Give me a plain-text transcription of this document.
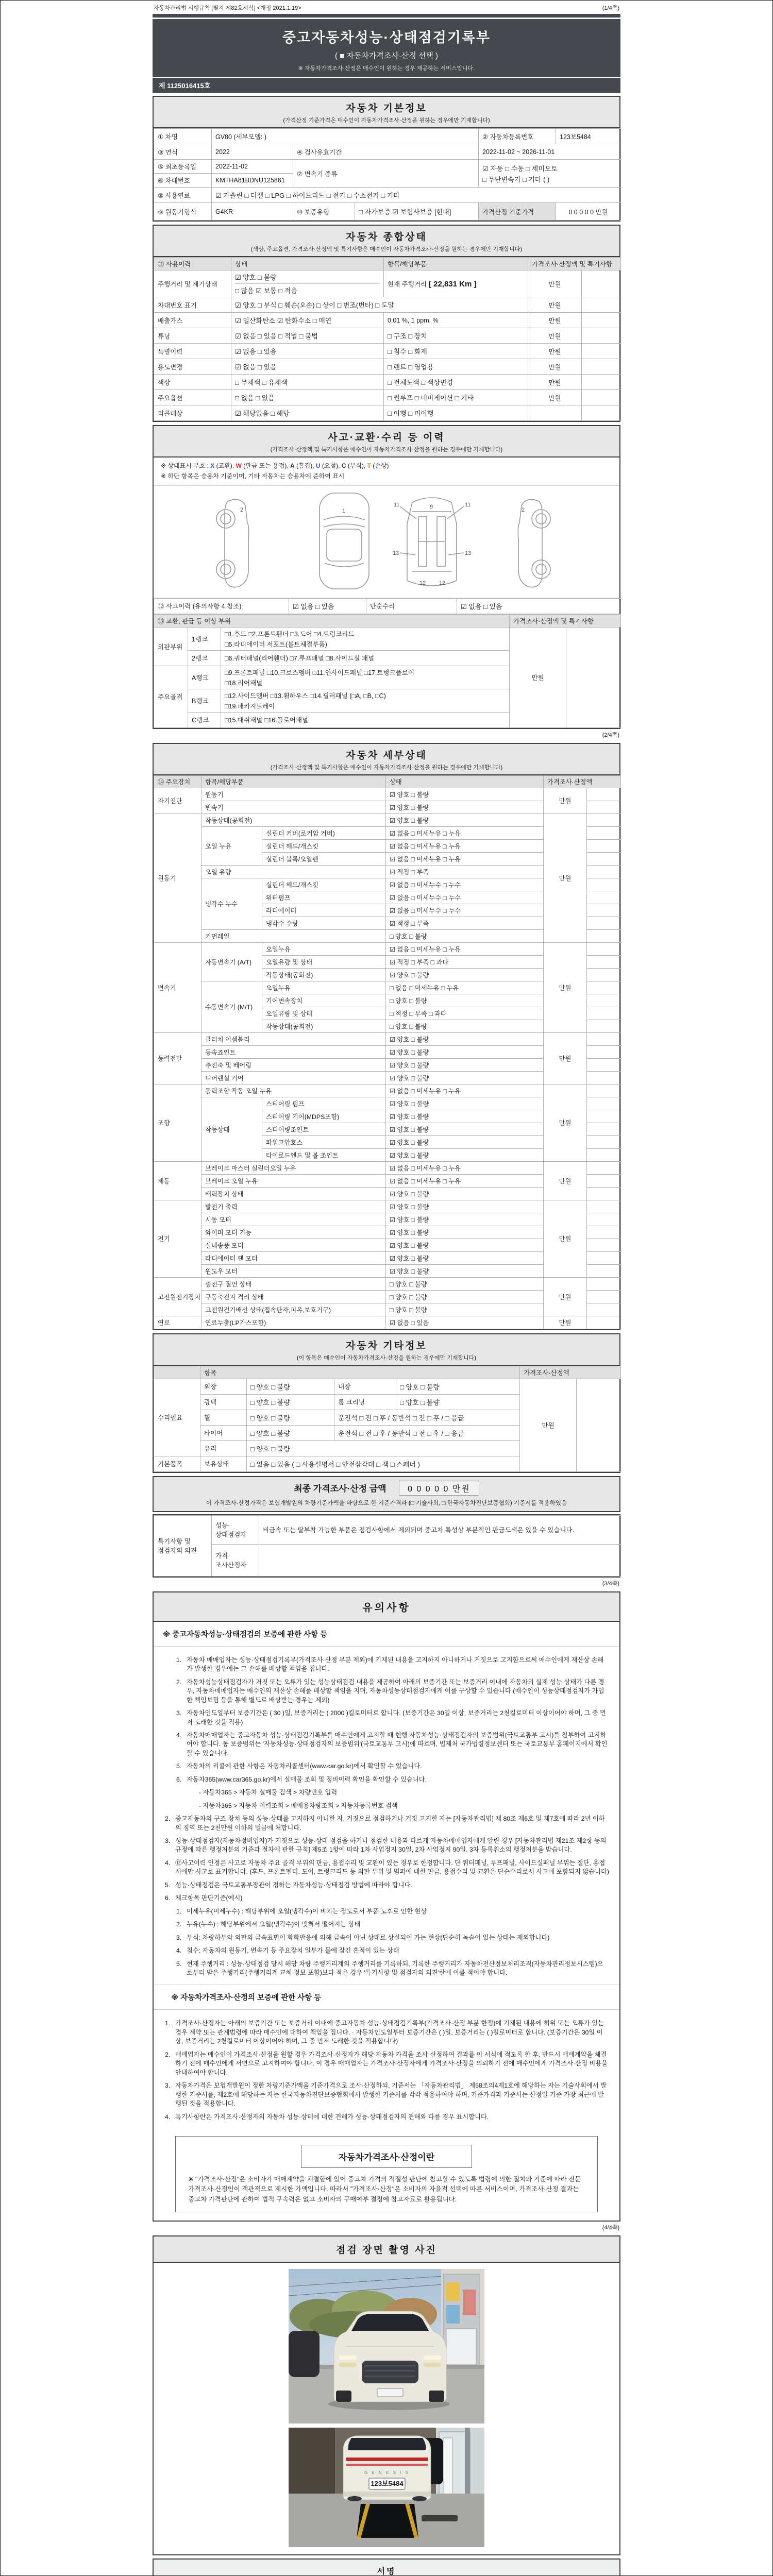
자동차관리법 시행규칙 [별지 제82호서식] <개정 2021.1.19>	(1/4쪽)
중고자동차성능·상태점검기록부
( ■ 자동차가격조사·산정 선택 )
※ 자동차가격조사·산정은 매수인이 원하는 경우 제공하는 서비스입니다.
제 1125016415호
자동차 기본정보
(가격산정 기준가격은 매수인이 자동차가격조사·산정을 원하는 경우에만 기재합니다)
① 차명	GV80 (세부모델: )			② 자동차등록번호	123보5484
③ 연식	2022	④ 검사유효기간		2022-11-02 ~ 2026-11-01	
⑤ 최초등록일	2022-11-02	⑦ 변속기 종류		☑ 자동 □ 수동 □ 세미오토
□ 무단변속기 □ 기타 ( )	

⑥ 차대번호	KMTHA81BDNU125861				
⑧ 사용연료	☑ 가솔린 □ 디젤 □ LPG □ 하이브리드 □ 전기 □ 수소전기 □ 기타				
⑨ 원동기형식	G4KR	⑩ 보증유형	□ 자가보증 ☑ 보험사보증 [현대]	가격산정 기준가격	0 0 0 0 0 만원
자동차 종합상태
(색상, 주요옵션, 가격조사·산정액 및 특기사항은 매수인이 자동차가격조사·산정을 원하는 경우에만 기재합니다)
⑪ 사용이력	상태	항목/해당부품	가격조사·산정액 및 특기사항	
주행거리 및 계기상태	☑ 양호 □ 불량
□ 많음 ☑ 보통 □ 적음	현재 주행거리 [ 22,831 Km ]	만원	
차대번호 표기	☑ 양호 □ 부식 □ 훼손(오손) □ 상이 □ 변조(변타) □ 도말		만원	
배출가스	☑ 일산화탄소 ☑ 탄화수소 □ 매연	0.01 %, 1 ppm, %	만원	
튜닝	☑ 없음 □ 있음 □ 적법 □ 불법	□ 구조 □ 장치	만원	
특별이력	☑ 없음 □ 있음	□ 침수 □ 화재	만원	
용도변경	☑ 없음 □ 있음	□ 렌트 □ 영업용	만원	
색상	□ 무채색 □ 유채색	□ 전체도색 □ 색상변경	만원	
주요옵션	□ 없음 □ 있음	□ 썬루프 □ 네비게이션 □ 기타	만원	
리콜대상	☑ 해당없음 □ 해당	□ 이행 □ 미이행		
사고·교환·수리 등 이력
(가격조사·산정액 및 특기사항은 매수인이 자동차가격조사·산정을 원하는 경우에만 기재합니다)
※ 상태표시 부호 : X (교환), W (판금 또는 용접), A (흠집), U (요철), C (부식), T (손상)
※ 하단 항목은 승용차 기준이며, 기타 자동차는 승용차에 준하여 표시
2	1
11	11
9
13	13
12 12
2
⑫ 사고이력 (유의사항 4.참조)	☑ 없음 □ 있음	단순수리	☑ 없음 □ 있음
⑬ 교환, 판금 등 이상 부위			가격조사·산정액 및 특기사항	
외판부위	1랭크	□1.후드 □2.프론트휀더 □3.도어 □4.트렁크리드
□5.라디에이터 서포트(볼트체결부품)	만원	
	2랭크	□6.쿼터패널(리어휀더) □7.루프패널 □8.사이드실 패널		
주요골격	A랭크	□9.프론트패널 □10.크로스멤버 □11.인사이드패널 □17.트렁크플로어
□18.리어패널		

	B랭크	□12.사이드멤버 □13.휠하우스 □14.필러패널 (□A, □B, □C)
□19.패키지트레이		

	C랭크	□15.대쉬패널 □16.플로어패널		
(2/4쪽)
자동차 세부상태
(가격조사·산정액 및 특기사항은 매수인이 자동차가격조사·산정을 원하는 경우에만 기재합니다)
⑭ 주요장치	항목/해당부품		상태	가격조사·산정액	
자기진단	원동기		☑ 양호 □ 불량	만원	
	변속기		☑ 양호 □ 불량		
원동기	작동상태(공회전)		☑ 양호 □ 불량	만원	
	오일 누유	실린더 커버(로커암 커버)	☑ 없음 □ 미세누유 □ 누유		
		실린더 헤드/개스킷	☑ 없음 □ 미세누유 □ 누유		
		실린더 블록/오일팬	☑ 없음 □ 미세누유 □ 누유		
	오일 유량		☑ 적정 □ 부족		
	냉각수 누수	실린더 헤드/개스킷	☑ 없음 □ 미세누수 □ 누수		
		워터펌프	☑ 없음 □ 미세누수 □ 누수		
		라디에이터	☑ 없음 □ 미세누수 □ 누수		
		냉각수 수량	☑ 적정 □ 부족		
	커먼레일		□ 양호 □ 불량		
변속기	자동변속기 (A/T)	오일누유	☑ 없음 □ 미세누유 □ 누유	만원	
		오일유량 및 상태	☑ 적정 □ 부족 □ 과다		
		작동상태(공회전)	☑ 양호 □ 불량		
	수동변속기 (M/T)	오일누유	□ 없음 □ 미세누유 □ 누유		
		기어변속장치	□ 양호 □ 불량		
		오일유량 및 상태	□ 적정 □ 부족 □ 과다		
		작동상태(공회전)	□ 양호 □ 불량		
동력전달	클러치 어셈블리		☑ 양호 □ 불량	만원	
	등속죠인트		☑ 양호 □ 불량		
	추진축 및 베어링		☑ 양호 □ 불량		
	디퍼렌셜 기어		☑ 양호 □ 불량		
조향	동력조향 작동 오일 누유		☑ 없음 □ 미세누유 □ 누유	만원	
	작동상태	스티어링 펌프	☑ 양호 □ 불량		
		스티어링 기어(MDPS포함)	☑ 양호 □ 불량		
		스티어링조인트	☑ 양호 □ 불량		
		파워고압호스	☑ 양호 □ 불량		
		타이로드엔드 및 볼 조인트	☑ 양호 □ 불량		
제동	브레이크 마스터 실린더오일 누유		☑ 없음 □ 미세누유 □ 누유	만원	
	브레이크 오일 누유		☑ 없음 □ 미세누유 □ 누유		
	배력장치 상태		☑ 양호 □ 불량		
전기	발전기 출력		☑ 양호 □ 불량	만원	
	시동 모터		☑ 양호 □ 불량		
	와이퍼 모터 기능		☑ 양호 □ 불량		
	실내송풍 모터		☑ 양호 □ 불량		
	라디에이터 팬 모터		☑ 양호 □ 불량		
	윈도우 모터		☑ 양호 □ 불량		
고전원전기장치	충전구 절연 상태		□ 양호 □ 불량	만원	
	구동축전지 격리 상태		□ 양호 □ 불량		
	고전원전기배선 상태(접속단자,피복,보호기구)		□ 양호 □ 불량		
연료	연료누출(LP가스포함)		☑ 없음 □ 있음	만원	
자동차 기타정보
(이 항목은 매수인이 자동차가격조사·산정을 원하는 경우에만 기재합니다)
	항목				가격조사·산정액	
수리필요	외장	□ 양호 □ 불량	내장	□ 양호 □ 불량	만원	
	광택	□ 양호 □ 불량	룸 크리닝	□ 양호 □ 불량		
	휠	□ 양호 □ 불량	운전석 □ 전 □ 후 / 동반석 □ 전 □ 후 / □ 응급			
	타이어	□ 양호 □ 불량	운전석 □ 전 □ 후 / 동반석 □ 전 □ 후 / □ 응급			
	유리	□ 양호 □ 불량				
기본품목	보유상태	□ 없음 □ 있음 ( □ 사용설명서 □ 안전삼각대 □ 잭 □ 스패너 )				
최종 가격조사·산정 금액	0 0 0 0 0 만원
이 가격조사·산정가격은 보험개발원의 차량기준가액을 바탕으로 한 기준가격과 (□ 기술사회, □ 한국자동차진단보증협회) 기준서를 적용하였음
특기사항 및 점검자의 의견	성능·상태점검자	비금속 또는 탈부착 가능한 부품은 점검사항에서 제외되며 중고차 특성상 부분적인 판금도색은 있을 수 있습니다.
	가격·조사산정자	
(3/4쪽)
유의사항
※ 중고자동차성능·상태점검의 보증에 관한 사항 등
1. 자동차 매매업자는 성능·상태점검기록부(가격조사·산정 부분 제외)에 기재된 내용을 고지하지 아니하거나 거짓으로 고지함으로써 매수인에게 재산상 손해가 발생한 경우에는 그 손해를 배상할 책임을 집니다.
2. 자동차성능상태점검자가 거짓 또는 오류가 있는 성능상태점검 내용을 제공하여 아래의 보증기간 또는 보증거리 이내에 자동차의 실제 성능·상태가 다른 경우, 자동차매매업자는 매수인의 재산상 손해를 배상할 책임을 지며, 자동차성능상태점검자에게 이를 구상할 수 있습니다.(매수인이 성능상태점검자가 가입한 책임보험 등을 통해 별도로 배상받는 경우는 제외)
3. 자동차인도일부터 보증기간은 ( 30 )일, 보증거리는 ( 2000 )킬로미터로 합니다. (보증기간은 30일 이상, 보증거리는 2천킬로미터 이상이어야 하며, 그 중 먼저 도래한 것을 적용)
4. 자동차매매업자는 중고자동차 성능·상태점검기록부를 매수인에게 고지할 때 현행 자동차성능·상태점검자의 보증범위(국토교통부 고시)를 첨부하여 고지하여야 합니다. 동 보증범위는 '자동차성능·상태점검자의 보증범위'(국토교통부 고시)에 따르며, 법제처 국가법령정보센터 또는 국토교통부 홈페이지에서 확인할 수 있습니다.
5. 자동차의 리콜에 관한 사항은 자동차리콜센터(www.car.go.kr)에서 확인할 수 있습니다.
6. 자동차365(www.car365.go.kr)에서 실매물 조회 및 정비이력 확인을 확인할 수 있습니다.
- 자동차365 > 자동차 실매물 검색 > 차량번호 입력
- 자동차365 > 자동차 이력조회 > 매매용차량조회 > 자동차등록번호 검색
2. 중고자동차의 구조·장치 등의 성능·상태를 고지하지 아니한 자, 거짓으로 점검하거나 거짓 고지한 자는 [자동차관리법] 제 80조 제6호 및 제7호에 따라 2년 이하의 징역 또는 2천만원 이하의 벌금에 처합니다.
3. 성능·상태점검자(자동차정비업자)가 거짓으로 성능·상태 점검을 하거나 점검한 내용과 다르게 자동차매매업자에게 알린 경우 [자동차관리법 제21조 제2항 등의 규정에 따른 행정처분의 기준과 절차에 관한 규칙] 제5조 1항에 따라 1차 사업정지 30일, 2차 사업정지 90일, 3차 등록취소의 행정처분을 받습니다.
4. ⑫사고이력 인정은 사고로 자동차 주요 골격 부위의 판금, 용접수리 및 교환이 있는 경우로 한정합니다. 단 쿼터패널, 루프패널, 사이드실패널 부위는 절단, 용접 시에만 사고로 표기합니다. (후드, 프론트펜더, 도어, 트렁크리드 등 외판 부위 및 범퍼에 대한 판금, 용접수리 및 교환은 단순수리로서 사고에 포함되지 않습니다)
5. 성능·상태점검은 국토교통부장관이 정하는 자동차성능·상태점검 방법에 따라야 합니다.
6. 체크항목 판단기준(예시)
1. 미세누유(미세누수) : 해당부위에 오일(냉각수)이 비치는 정도로서 부품 노후로 인한 현상
2. 누유(누수) : 해당부위에서 오일(냉각수)이 맺혀서 떨어지는 상태
3. 부식: 차량하부와 외판의 금속표면이 화학반응에 의해 금속이 아닌 상태로 상실되어 가는 현상(단순히 녹슬어 있는 상태는 제외합니다)
4. 침수: 자동차의 원동기, 변속기 등 주요장치 일부가 물에 잠긴 흔적이 있는 상태
5. 현재 주행거리 : 성능·상태점검 당시 해당 차량 주행거리계의 주행거리를 기록하되, 기록한 주행거리가 자동차전산정보처리조직(자동차관리정보시스템)으로부터 받은 주행거리(주행거리계 교체 정보 포함)보다 적은 경우 '특기사항 및 점검자의 의견'란에 이를 적어야 합니다.
※ 자동차가격조사·산정의 보증에 관한 사항 등
1. 가격조사·산정자는 아래의 보증기간 또는 보증거리 이내에 중고자동차 성능·상태점검기록부(가격조사·산정 부분 한정)에 기재된 내용에 허위 또는 오류가 있는 경우 계약 또는 관계법령에 따라 매수인에 대하여 책임을 집니다. · 자동차인도일부터 보증기간은 ( )일, 보증거리는 ( )킬로미터로 합니다. (보증기간은 30일 이상, 보증거리는 2천킬로미터 이상이어야 하며, 그 중 먼저 도래한 것을 적용합니다)
2. 매매업자는 매수인이 가격조사·산정을 원할 경우 가격조사·산정자가 해당 자동차 가격을 조사·산정하여 결과를 이 서식에 적도록 한 후, 반드시 매매계약을 체결하기 전에 매수인에게 서면으로 고지하여야 합니다. 이 경우 매매업자는 가격조사·산정자에게 가격조사·산정을 의뢰하기 전에 매수인에게 가격조사·산정 비용을 안내하여야 합니다.
3. 자동차가격은 보험개발원이 정한 차량기준가액을 기준가격으로 조사·산정하되, 기준서는 「자동차관리법」 제58조의4제1호에 해당하는 자는 기술사회에서 발행한 기준서를, 제2호에 해당하는 자는 한국자동차진단보증협회에서 발행한 기준서를 각각 적용하여야 하며, 기준가격과 기준서는 산정일 기준 가장 최근에 발행된 것을 적용합니다.
4. 특기사항란은 가격조사·산정자의 자동차 성능·상태에 대한 견해가 성능·상태점검자의 견해와 다를 경우 표시합니다.
자동차가격조사·산정이란
※ "가격조사·산정"은 소비자가 매매계약을 체결함에 있어 중고차 가격의 적절성 판단에 참고할 수 있도록 법령에 의한 절차와 기준에 따라 전문 가격조사·산정인이 객관적으로 제시한 가액입니다. 따라서 "가격조사·산정"은 소비자의 자율적 선택에 따른 서비스이며, 가격조사·산정 결과는 중고차 가격판단에 관하여 법적 구속력은 없고 소비자의 구매여부 결정에 참고자료로 활용됩니다.
(4/4쪽)
점검 장면 촬영 사진
G E N E S I S
123보5484
서명
